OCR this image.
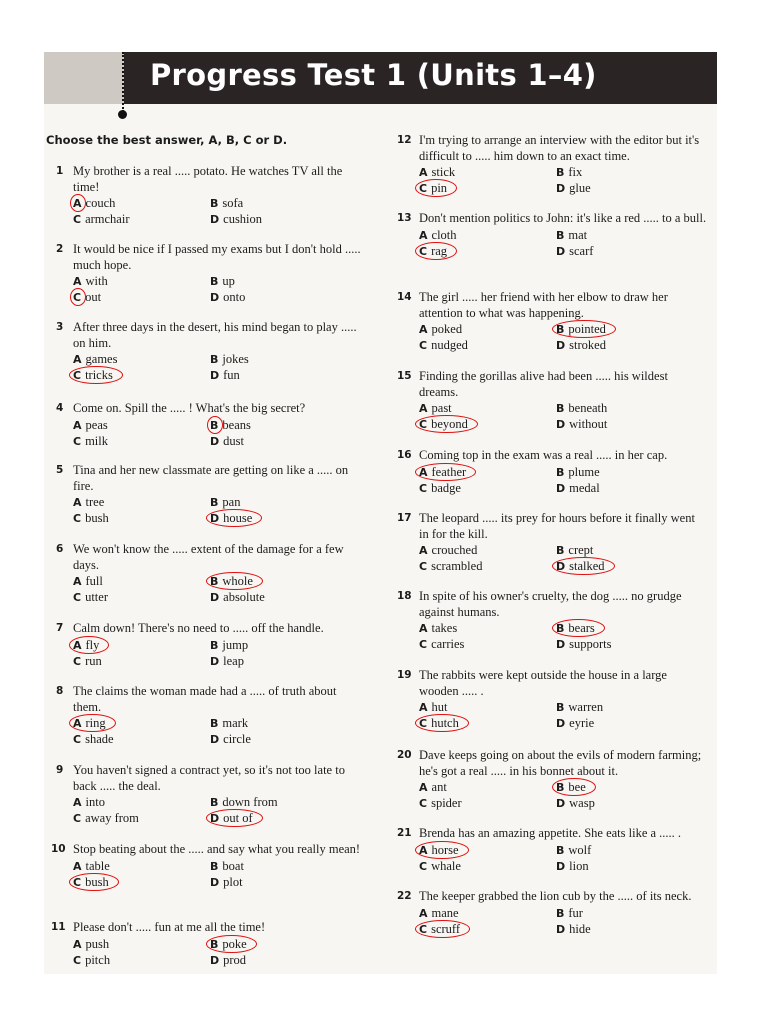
Progress Test 1 (Units 1–4)
Choose the best answer, A, B, C or D.
1 My brother is a real ..... potato. He watches TV all the time!
A couch	B sofa
C armchair	D cushion
2 It would be nice if I passed my exams but I don't hold ..... much hope.
A with	B up
C out	D onto
3 After three days in the desert, his mind began to play ..... on him.
A games	B jokes
C tricks	D fun
4 Come on. Spill the ..... ! What's the big secret?
A peas	B beans
C milk	D dust
5 Tina and her new classmate are getting on like a ..... on fire.
A tree	B pan
C bush	D house
6 We won't know the ..... extent of the damage for a few days.
A full	B whole
C utter	D absolute
7 Calm down! There's no need to ..... off the handle.
A fly	B jump
C run	D leap
8 The claims the woman made had a ..... of truth about them.
A ring	B mark
C shade	D circle
9 You haven't signed a contract yet, so it's not too late to back ..... the deal.
A into	B down from
C away from	D out of
10 Stop beating about the ..... and say what you really mean!
A table	B boat
C bush	D plot
11 Please don't ..... fun at me all the time!
A push	B poke
C pitch	D prod
12 I'm trying to arrange an interview with the editor but it's difficult to ..... him down to an exact time.
A stick	B fix
C pin	D glue
13 Don't mention politics to John: it's like a red ..... to a bull.
A cloth	B mat
C rag	D scarf
14 The girl ..... her friend with her elbow to draw her attention to what was happening.
A poked	B pointed
C nudged	D stroked
15 Finding the gorillas alive had been ..... his wildest dreams.
A past	B beneath
C beyond	D without
16 Coming top in the exam was a real ..... in her cap.
A feather	B plume
C badge	D medal
17 The leopard ..... its prey for hours before it finally went in for the kill.
A crouched	B crept
C scrambled	D stalked
18 In spite of his owner's cruelty, the dog ..... no grudge against humans.
A takes	B bears
C carries	D supports
19 The rabbits were kept outside the house in a large wooden ..... .
A hut	B warren
C hutch	D eyrie
20 Dave keeps going on about the evils of modern farming; he's got a real ..... in his bonnet about it.
A ant	B bee
C spider	D wasp
21 Brenda has an amazing appetite. She eats like a ..... .
A horse	B wolf
C whale	D lion
22 The keeper grabbed the lion cub by the ..... of its neck.
A mane	B fur
C scruff	D hide
